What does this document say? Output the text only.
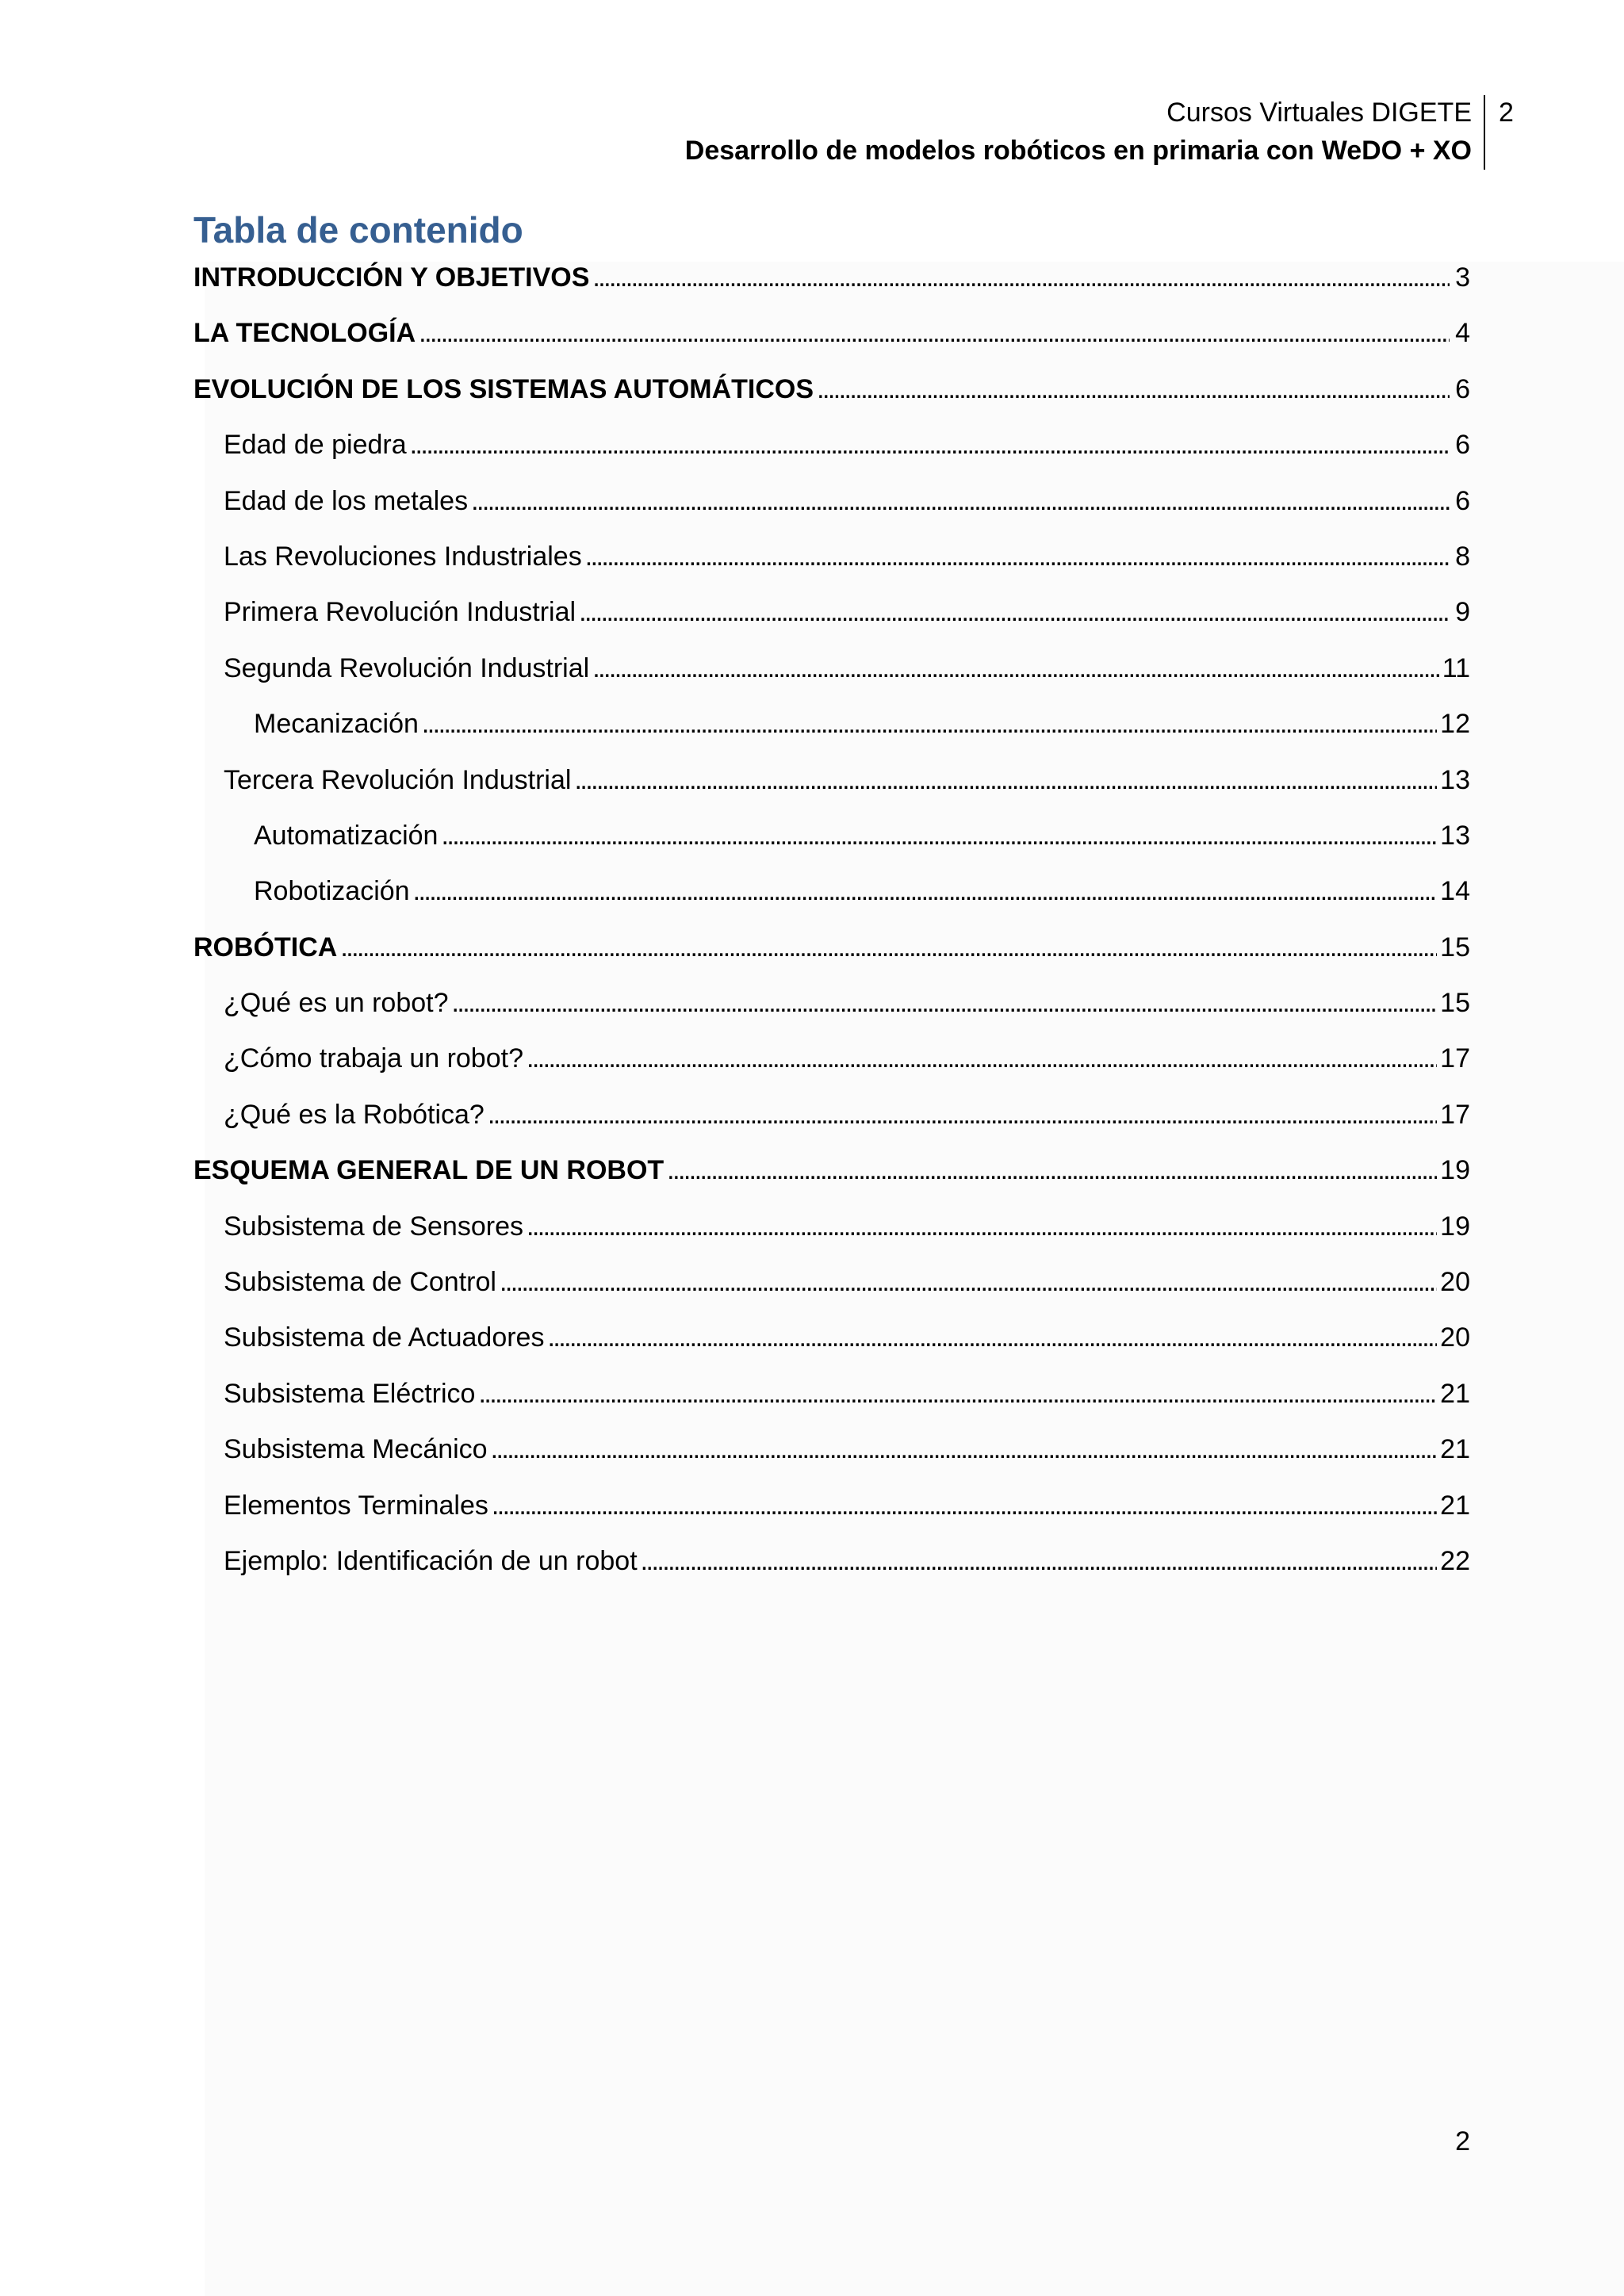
Cursos Virtuales DIGETE
Desarrollo de modelos robóticos en primaria con WeDO + XO
2
Tabla de contenido
INTRODUCCIÓN Y OBJETIVOS . . .	3
LA TECNOLOGÍA . . .	4
EVOLUCIÓN DE LOS SISTEMAS AUTOMÁTICOS . . .	6
Edad de piedra . . .	6
Edad de los metales . . .	6
Las Revoluciones Industriales . . .	8
Primera Revolución Industrial . . .	9
Segunda Revolución Industrial . . .	11
Mecanización . . .	12
Tercera Revolución Industrial . . .	13
Automatización . . .	13
Robotización . . .	14
ROBÓTICA . . .	15
¿Qué es un robot? . . .	15
¿Cómo trabaja un robot? . . .	17
¿Qué es la Robótica? . . .	17
ESQUEMA GENERAL DE UN ROBOT . . .	19
Subsistema de Sensores . . .	19
Subsistema de Control . . .	20
Subsistema de Actuadores . . .	20
Subsistema Eléctrico . . .	21
Subsistema Mecánico . . .	21
Elementos Terminales . . .	21
Ejemplo: Identificación de un robot . . .	22
2
